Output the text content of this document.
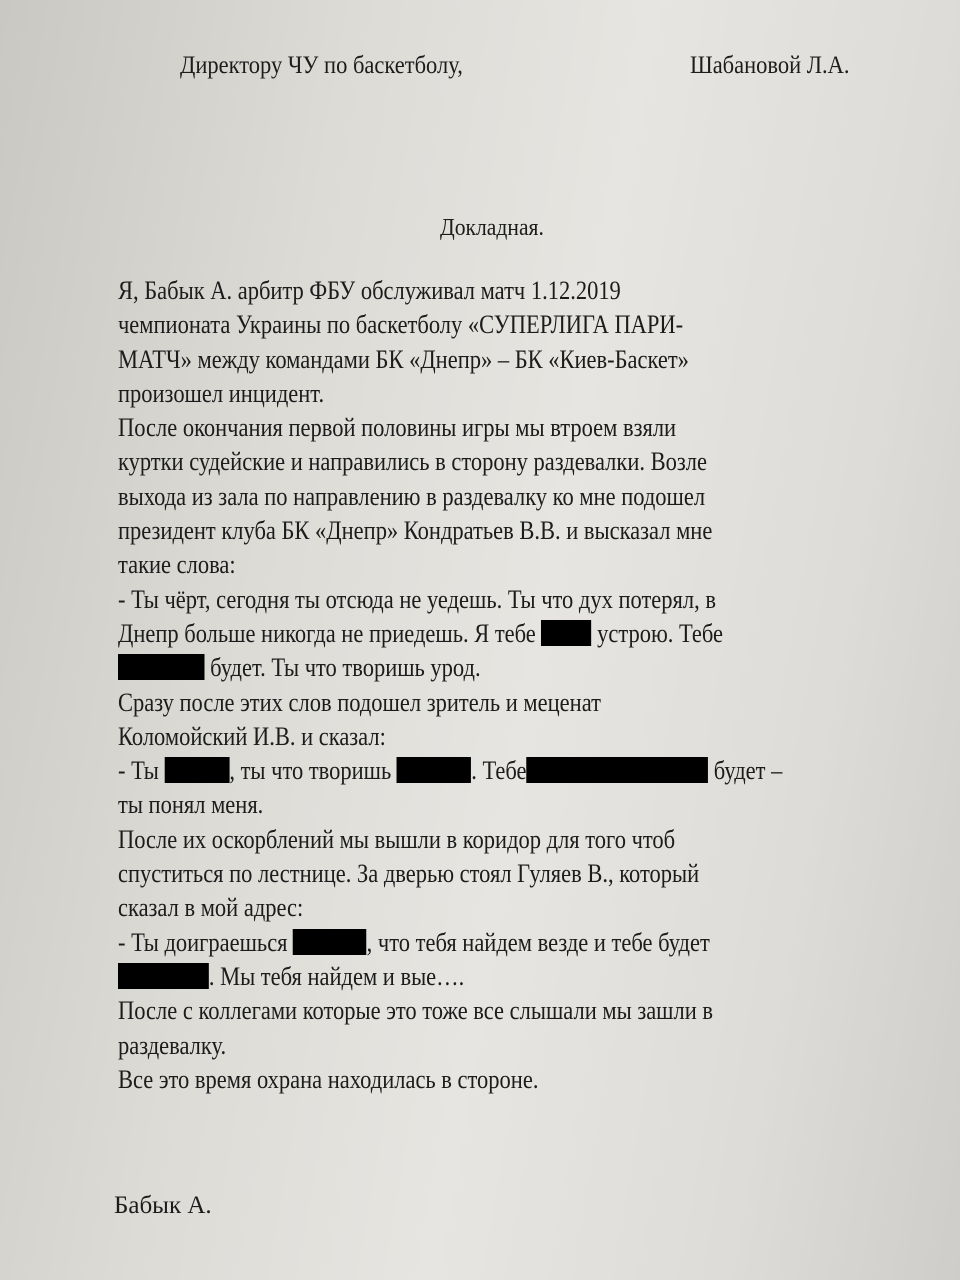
Директору ЧУ по баскетболу,	Шабановой Л.А.
Докладная.
Я, Бабык А. арбитр ФБУ обслуживал матч 1.12.2019
чемпионата Украины по баскетболу «СУПЕРЛИГА ПАРИ-
МАТЧ» между командами БК «Днепр» – БК «Киев-Баскет»
произошел инцидент.
После окончания первой половины игры мы втроем взяли
куртки судейские и направились в сторону раздевалки. Возле
выхода из зала по направлению в раздевалку ко мне подошел
президент клуба БК «Днепр» Кондратьев В.В. и высказал мне
такие слова:
- Ты чёрт, сегодня ты отсюда не уедешь. Ты что дух потерял, в
Днепр больше никогда не приедешь. Я тебе  устрою. Тебе
будет. Ты что творишь урод.
Сразу после этих слов подошел зритель и меценат
Коломойский И.В. и сказал:
- Ты , ты что творишь	. Тебе	будет –
ты понял меня.
После их оскорблений мы вышли в коридор для того чтоб
спуститься по лестнице. За дверью стоял Гуляев В., который
сказал в мой адрес:
- Ты доиграешься	, что тебя найдем везде и тебе будет
. Мы тебя найдем и вые….
После с коллегами которые это тоже все слышали мы зашли в
раздевалку.
Все это время охрана находилась в стороне.
Бабык А.
